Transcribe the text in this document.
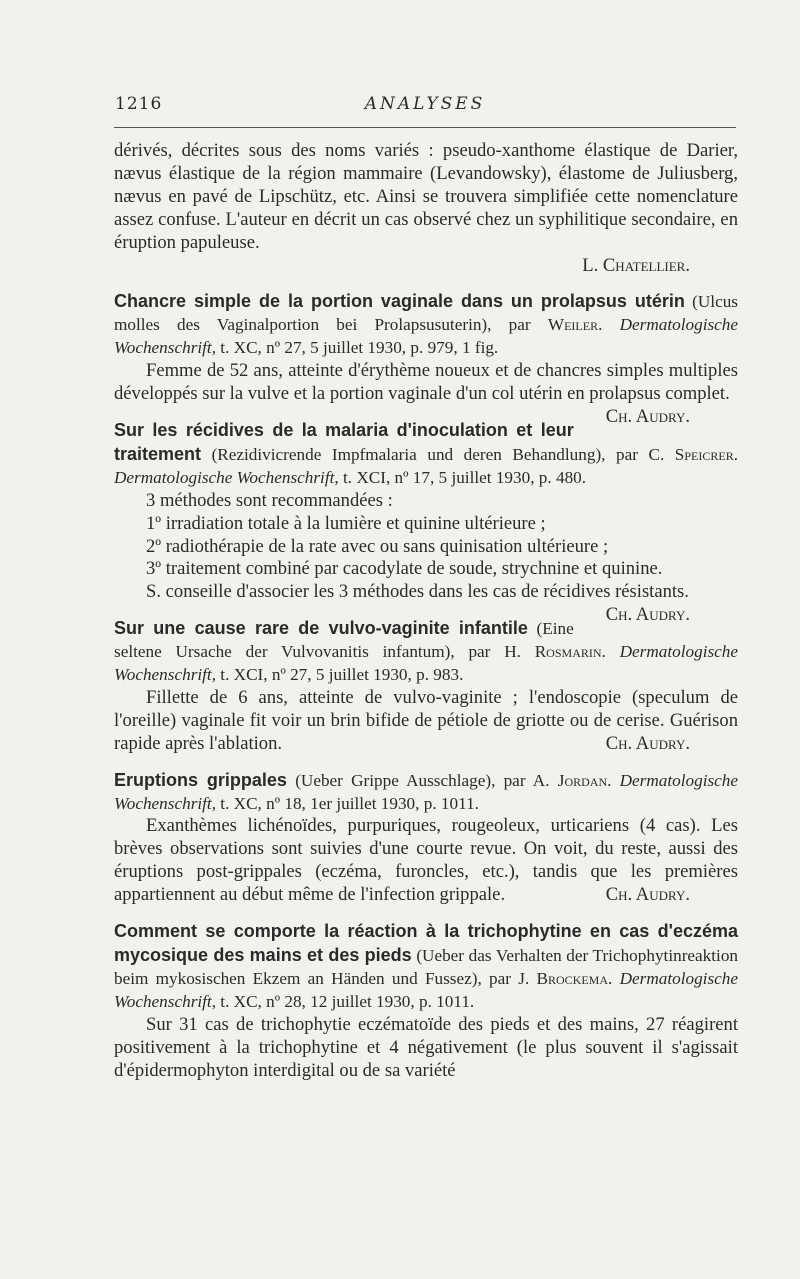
1216	ANALYSES

dérivés, décrites sous des noms variés : pseudo-xanthome élastique de Darier, nævus élastique de la région mammaire (Levandowsky), élastome de Juliusberg, nævus en pavé de Lipschütz, etc. Ainsi se trouvera simplifiée cette nomenclature assez confuse. L'auteur en décrit un cas observé chez un syphilitique secondaire, en éruption papuleuse.

L. Chatellier.

Chancre simple de la portion vaginale dans un prolapsus utérin (Ulcus molles des Vaginalportion bei Prolapsusuterin), par Weiler. Dermatologische Wochenschrift, t. XC, nº 27, 5 juillet 1930, p. 979, 1 fig.

Femme de 52 ans, atteinte d'érythème noueux et de chancres simples multiples développés sur la vulve et la portion vaginale d'un col utérin en prolapsus complet.
Ch. Audry.

Sur les récidives de la malaria d'inoculation et leur traitement (Rezidivicrende Impfmalaria und deren Behandlung), par C. Speicrer. Dermatologische Wochenschrift, t. XCI, nº 17, 5 juillet 1930, p. 480.

3 méthodes sont recommandées :

1º irradiation totale à la lumière et quinine ultérieure ;

2º radiothérapie de la rate avec ou sans quinisation ultérieure ;

3º traitement combiné par cacodylate de soude, strychnine et quinine.

S. conseille d'associer les 3 méthodes dans les cas de récidives résistants.
Ch. Audry.

Sur une cause rare de vulvo-vaginite infantile (Eine seltene Ursache der Vulvovanitis infantum), par H. Rosmarin. Dermatologische Wochenschrift, t. XCI, nº 27, 5 juillet 1930, p. 983.

Fillette de 6 ans, atteinte de vulvo-vaginite ; l'endoscopie (speculum de l'oreille) vaginale fit voir un brin bifide de pétiole de griotte ou de cerise. Guérison rapide après l'ablation.	Ch. Audry.

Eruptions grippales (Ueber Grippe Ausschlage), par A. Jordan. Dermatologische Wochenschrift, t. XC, nº 18, 1er juillet 1930, p. 1011.

Exanthèmes lichénoïdes, purpuriques, rougeoleux, urticariens (4 cas). Les brèves observations sont suivies d'une courte revue. On voit, du reste, aussi des éruptions post-grippales (eczéma, furoncles, etc.), tandis que les premières appartiennent au début même de l'infection grippale.	Ch. Audry.

Comment se comporte la réaction à la trichophytine en cas d'eczéma mycosique des mains et des pieds (Ueber das Verhalten der Trichophytinreaktion beim mykosischen Ekzem an Händen und Fussez), par J. Brockema. Dermatologische Wochenschrift, t. XC, nº 28, 12 juillet 1930, p. 1011.

Sur 31 cas de trichophytie eczématoïde des pieds et des mains, 27 réagirent positivement à la trichophytine et 4 négativement (le plus souvent il s'agissait d'épidermophyton interdigital ou de sa variété
